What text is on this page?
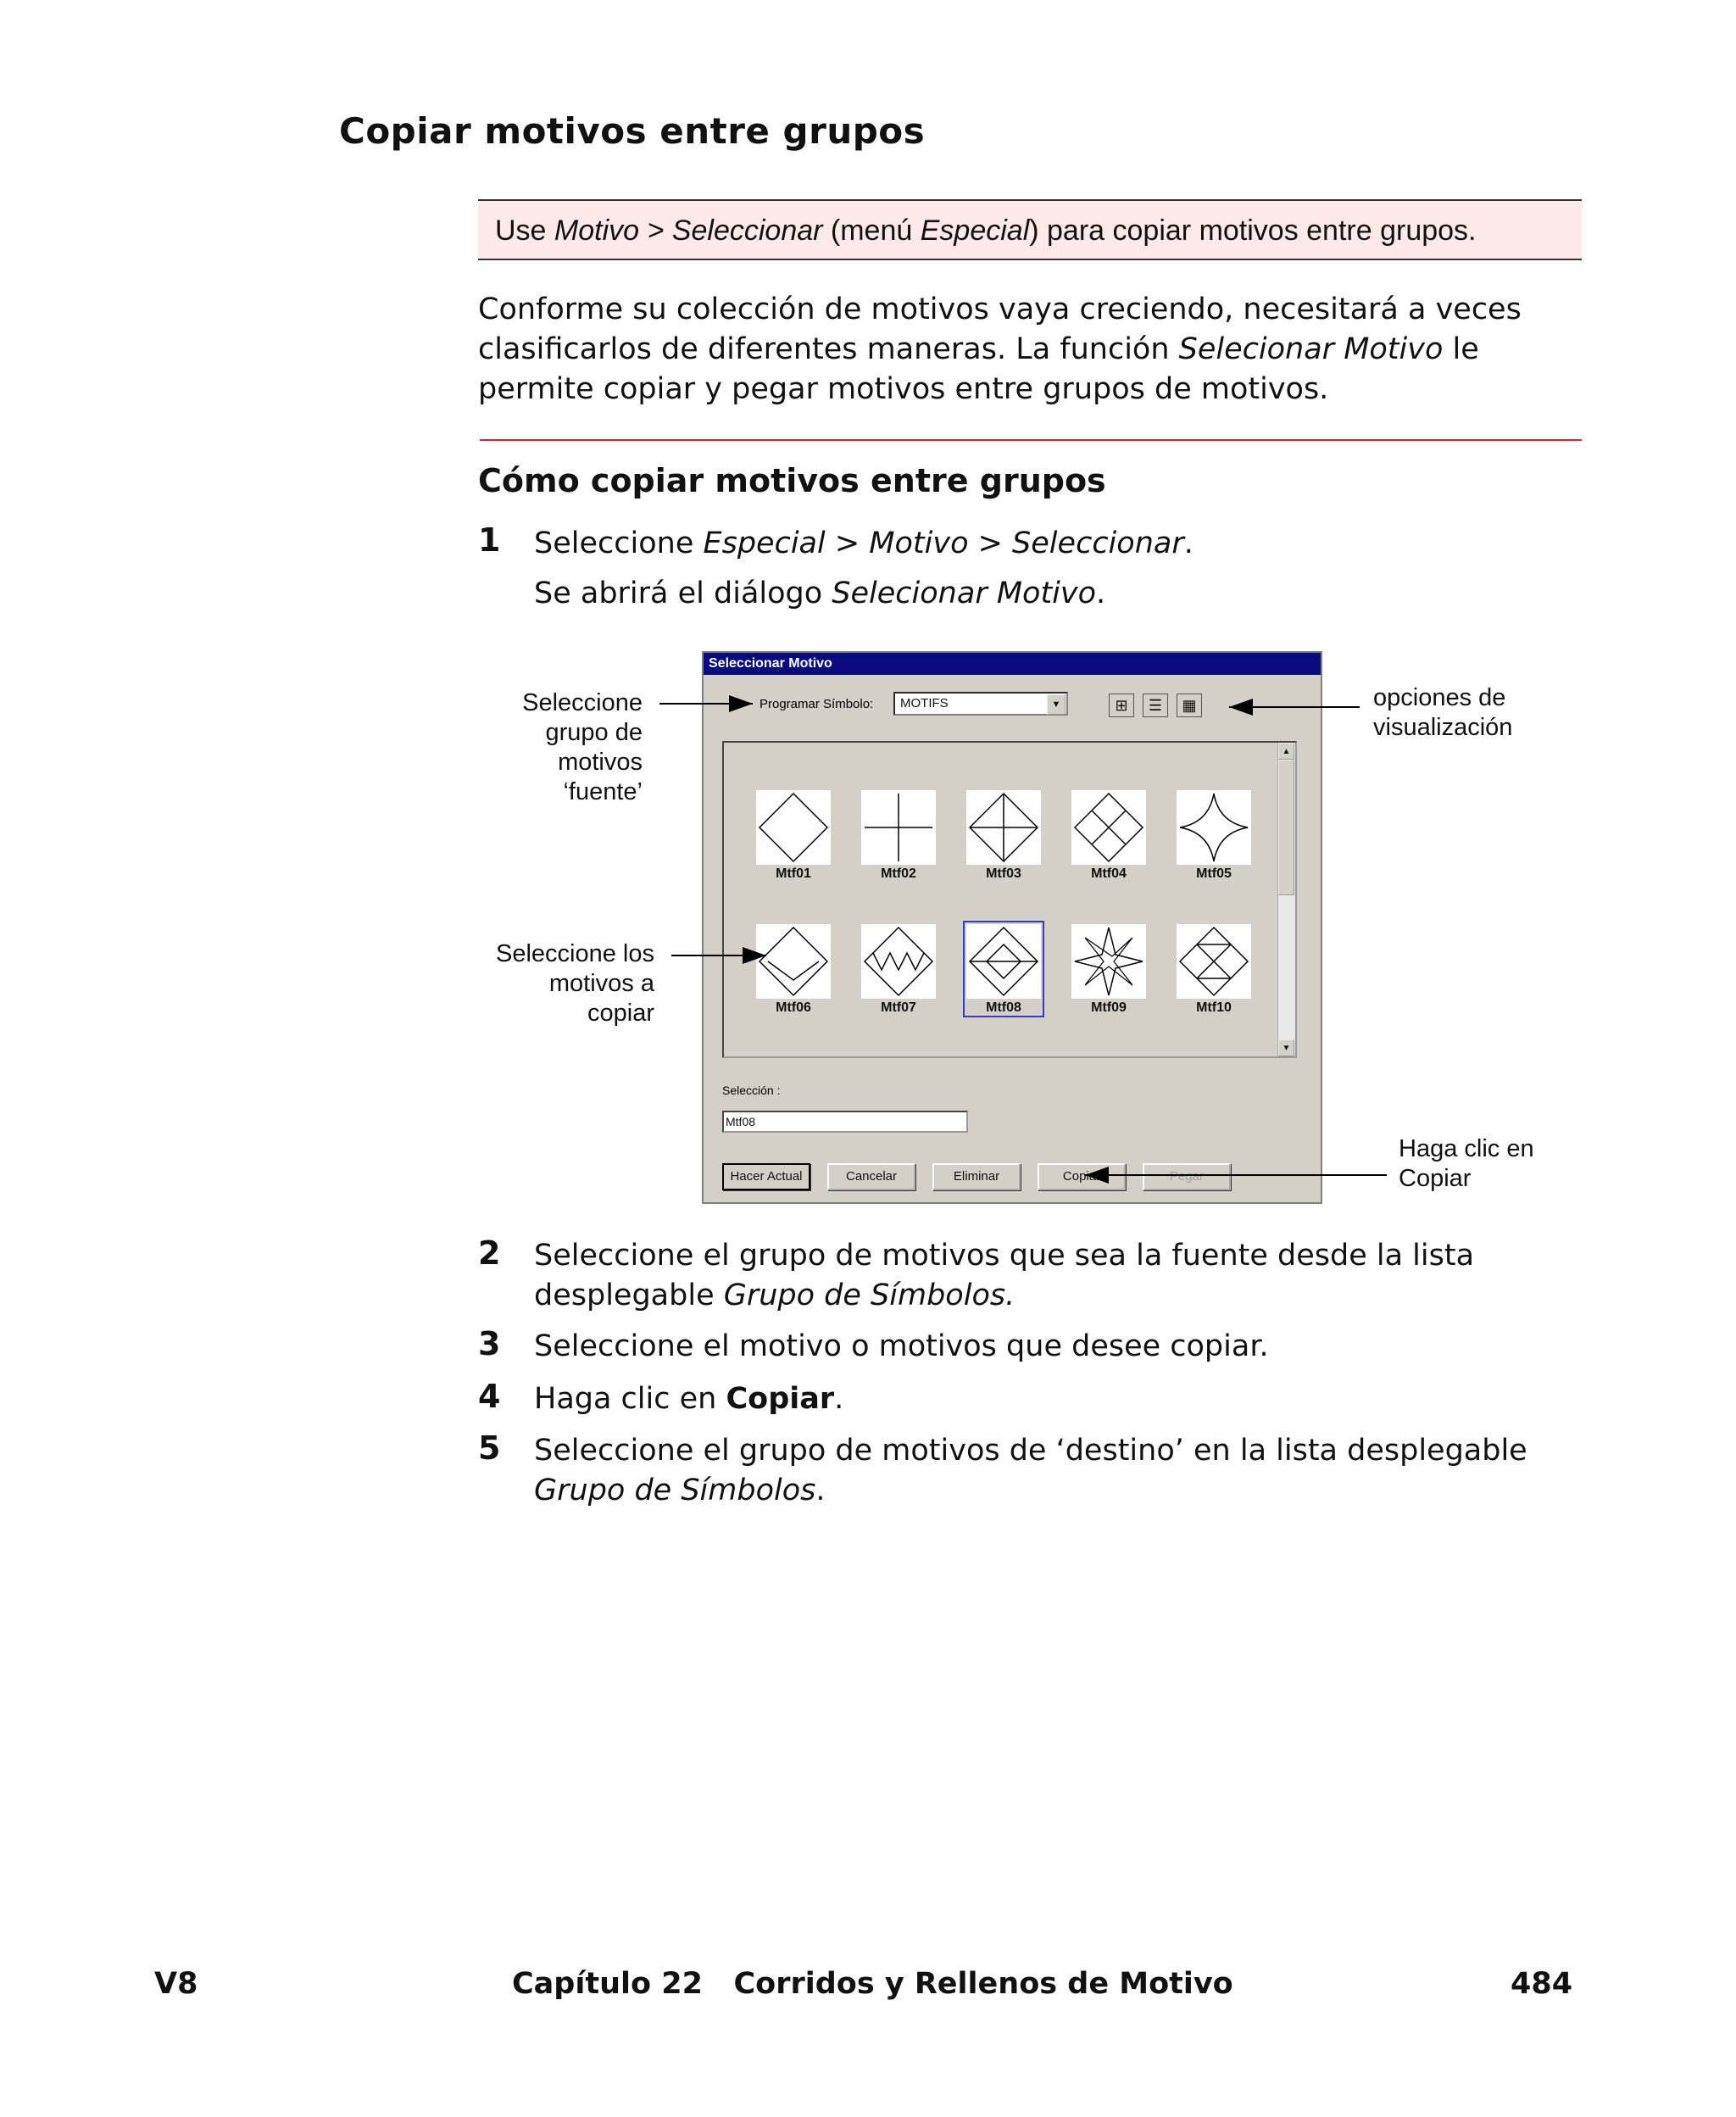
Copiar motivos entre grupos
Use Motivo > Seleccionar (menú Especial) para copiar motivos entre grupos.
Conforme su colección de motivos vaya creciendo, necesitará a veces
clasificarlos de diferentes maneras. La función Selecionar Motivo le
permite copiar y pegar motivos entre grupos de motivos.
Cómo copiar motivos entre grupos
1 Seleccione Especial > Motivo > Seleccionar.
Se abrirá el diálogo Selecionar Motivo.
Seleccione
grupo de
motivos
‘fuente’
Seleccione los
motivos a
copiar
opciones de
visualización
Haga clic en
Copiar
Seleccionar Motivo
Programar Símbolo:	MOTIFS	▼	⊞	☰	▦
▲
▼
Mtf01	Mtf02	Mtf03	Mtf04	Mtf05
Mtf06	Mtf07	Mtf08	Mtf09	Mtf10
Selección :
Mtf08
Hacer Actual	Cancelar	Eliminar	Copiar	Pegar
2 Seleccione el grupo de motivos que sea la fuente desde la lista
desplegable Grupo de Símbolos.
3 Seleccione el motivo o motivos que desee copiar.
4 Haga clic en Copiar.
5 Seleccione el grupo de motivos de ‘destino’ en la lista desplegable
Grupo de Símbolos.
V8	Capítulo 22   Corridos y Rellenos de Motivo	484
